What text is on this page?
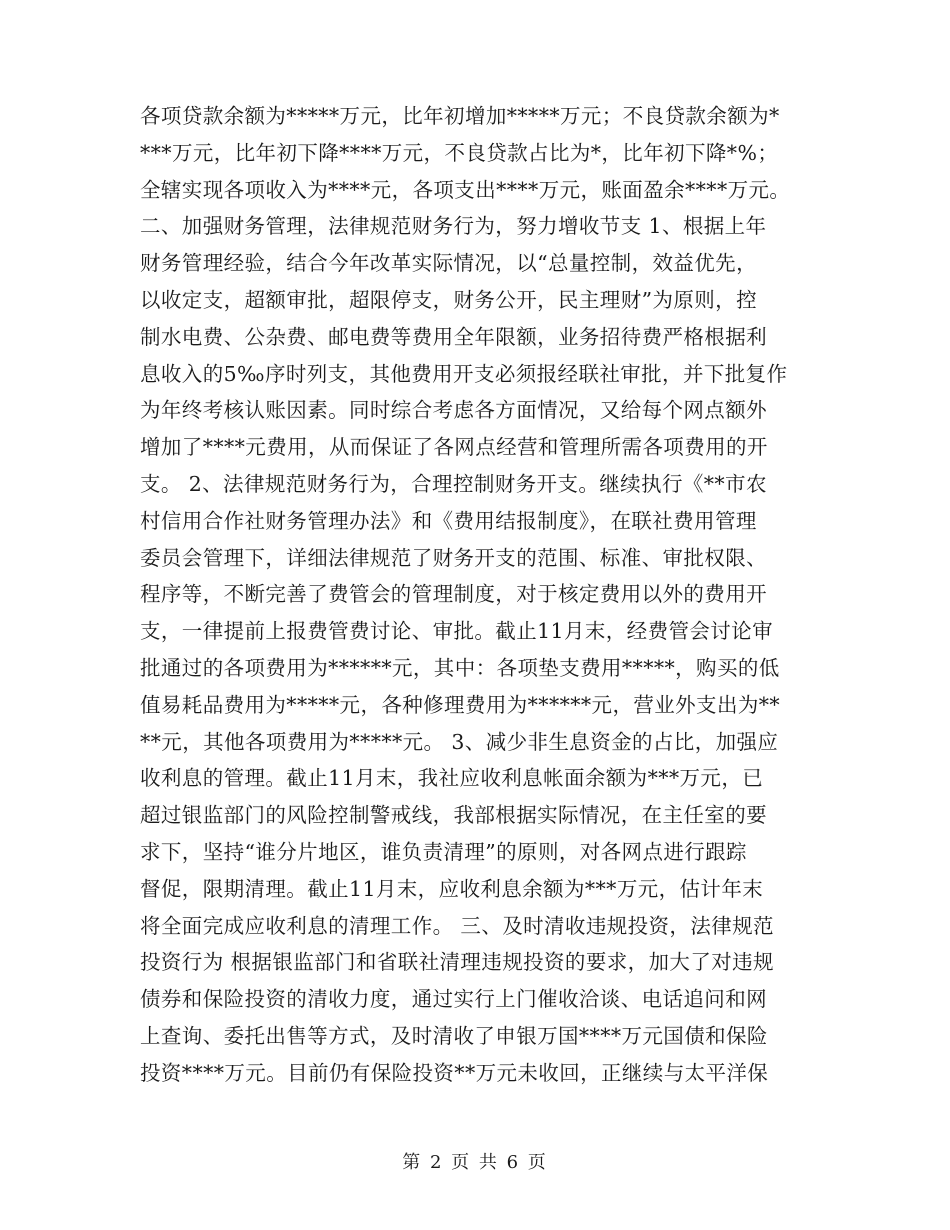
各项贷款余额为*****万元，比年初增加*****万元；不良贷款余额为*
***万元，比年初下降****万元，不良贷款占比为*，比年初下降*%；
全辖实现各项收入为****元，各项支出****万元，账面盈余****万元。
二、加强财务管理，法律规范财务行为，努力增收节支 1、根据上年
财务管理经验，结合今年改革实际情况，以“总量控制，效益优先，
以收定支，超额审批，超限停支，财务公开，民主理财”为原则，控
制水电费、公杂费、邮电费等费用全年限额，业务招待费严格根据利
息收入的5‰序时列支，其他费用开支必须报经联社审批，并下批复作
为年终考核认账因素。同时综合考虑各方面情况，又给每个网点额外
增加了****元费用，从而保证了各网点经营和管理所需各项费用的开
支。 2、法律规范财务行为，合理控制财务开支。继续执行《**市农
村信用合作社财务管理办法》和《费用结报制度》，在联社费用管理
委员会管理下，详细法律规范了财务开支的范围、标准、审批权限、
程序等，不断完善了费管会的管理制度，对于核定费用以外的费用开
支，一律提前上报费管费讨论、审批。截止11月末，经费管会讨论审
批通过的各项费用为******元，其中：各项垫支费用*****，购买的低
值易耗品费用为*****元，各种修理费用为******元，营业外支出为**
**元，其他各项费用为*****元。 3、减少非生息资金的占比，加强应
收利息的管理。截止11月末，我社应收利息帐面余额为***万元，已
超过银监部门的风险控制警戒线，我部根据实际情况，在主任室的要
求下，坚持“谁分片地区，谁负责清理”的原则，对各网点进行跟踪
督促，限期清理。截止11月末，应收利息余额为***万元，估计年末
将全面完成应收利息的清理工作。 三、及时清收违规投资，法律规范
投资行为 根据银监部门和省联社清理违规投资的要求，加大了对违规
债券和保险投资的清收力度，通过实行上门催收洽谈、电话追问和网
上查询、委托出售等方式，及时清收了申银万国****万元国债和保险
投资****万元。目前仍有保险投资**万元未收回，正继续与太平洋保
第 2 页 共 6 页
